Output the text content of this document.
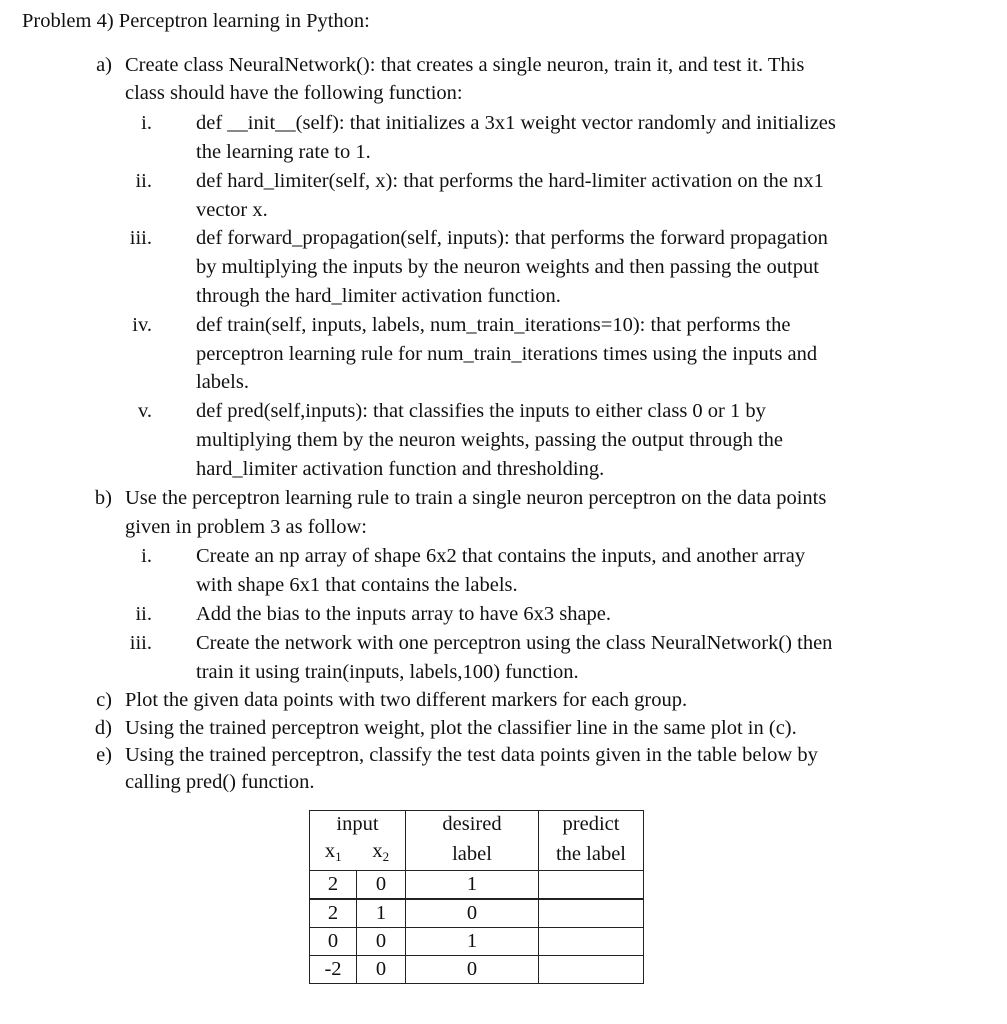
Problem 4) Perceptron learning in Python:
a) Create class NeuralNetwork(): that creates a single neuron, train it, and test it. This
class should have the following function:
i. def __init__(self): that initializes a 3x1 weight vector randomly and initializes
the learning rate to 1.
ii. def hard_limiter(self, x): that performs the hard-limiter activation on the nx1
vector x.
iii. def forward_propagation(self, inputs): that performs the forward propagation
by multiplying the inputs by the neuron weights and then passing the output
through the hard_limiter activation function.
iv. def train(self, inputs, labels, num_train_iterations=10): that performs the
perceptron learning rule for num_train_iterations times using the inputs and
labels.
v. def pred(self,inputs): that classifies the inputs to either class 0 or 1 by
multiplying them by the neuron weights, passing the output through the
hard_limiter activation function and thresholding.
b) Use the perceptron learning rule to train a single neuron perceptron on the data points
given in problem 3 as follow:
i. Create an np array of shape 6x2 that contains the inputs, and another array
with shape 6x1 that contains the labels.
ii. Add the bias to the inputs array to have 6x3 shape.
iii. Create the network with one perceptron using the class NeuralNetwork() then
train it using train(inputs, labels,100) function.
c) Plot the given data points with two different markers for each group.
d) Using the trained perceptron weight, plot the classifier line in the same plot in (c).
e) Using the trained perceptron, classify the test data points given in the table below by
calling pred() function.
input		desired	predict
$x_1$	$x_2$	label	the label
2	0	1	
2	1	0	
0	0	1	
-2	0	0	
